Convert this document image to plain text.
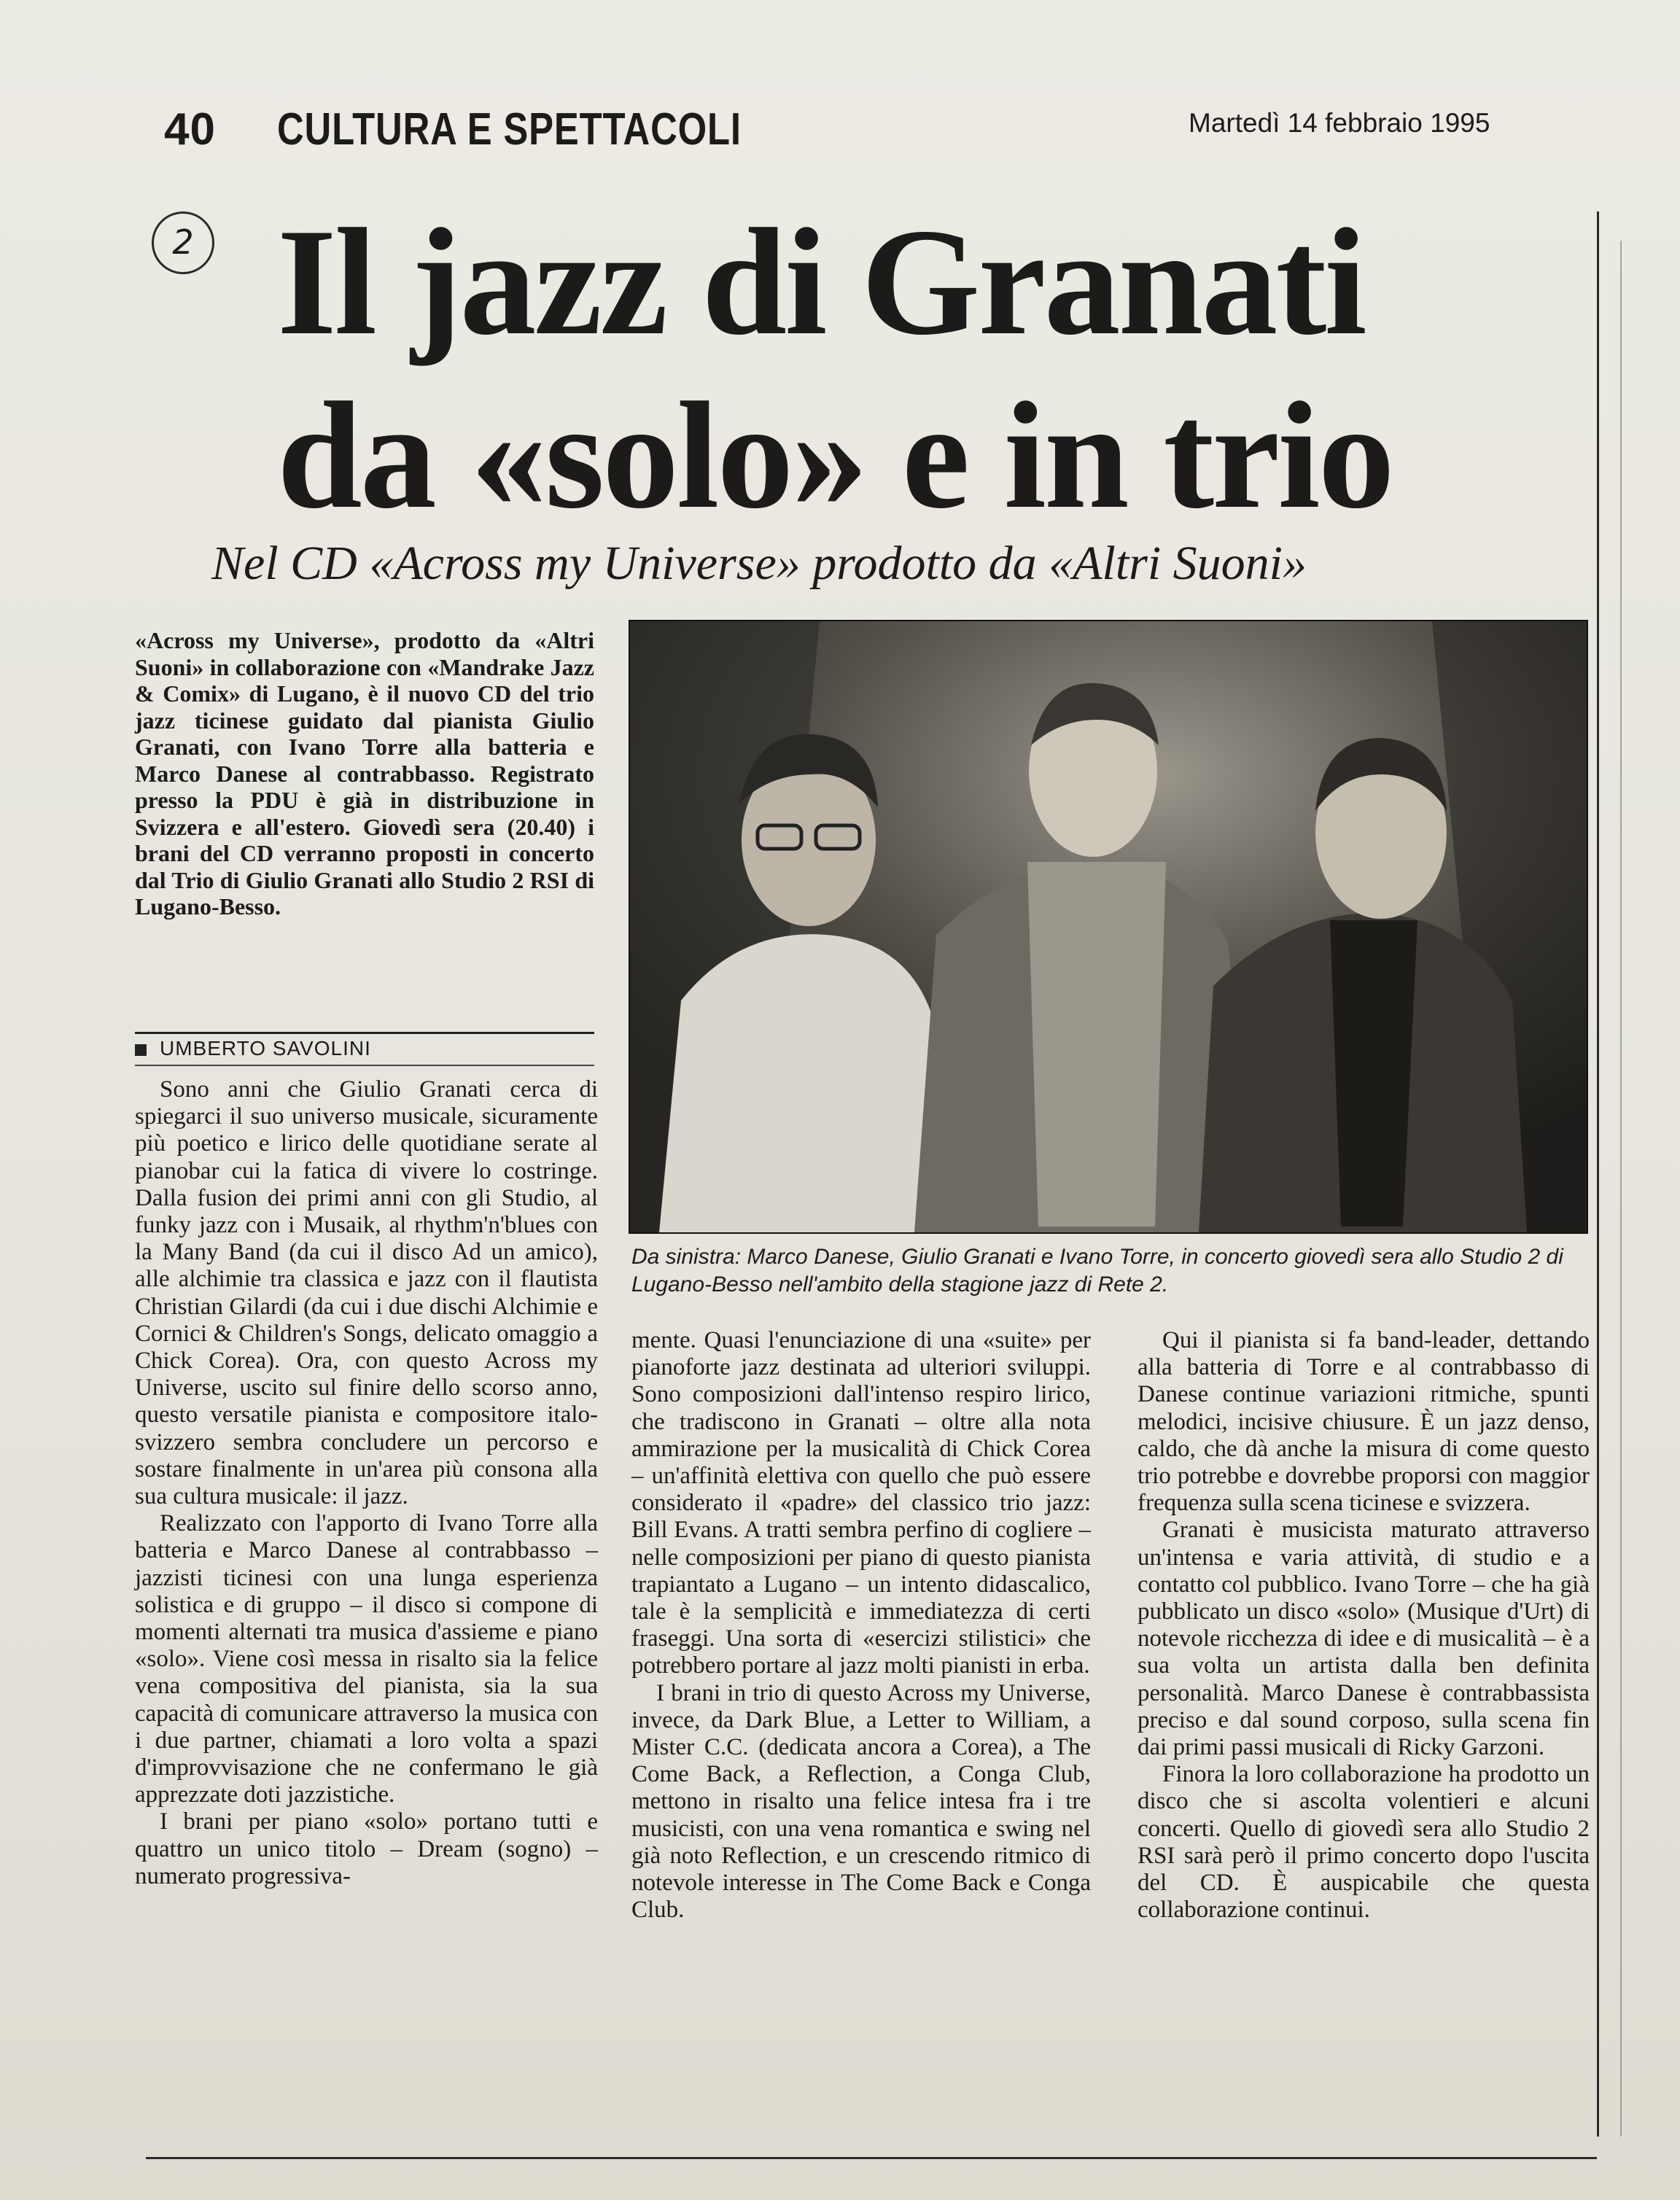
40 CULTURA E SPETTACOLI	Martedì 14 febbraio 1995
2 Il jazz di Granati
da «solo» e in trio
Nel CD «Across my Universe» prodotto da «Altri Suoni»
«Across my Universe», prodotto da «Altri Suoni» in collaborazione con «Mandrake Jazz & Comix» di Lugano, è il nuovo CD del trio jazz ticinese guidato dal pianista Giulio Granati, con Ivano Torre alla batteria e Marco Danese al contrabbasso. Registrato presso la PDU è già in distribuzione in Svizzera e all'estero. Giovedì sera (20.40) i brani del CD verranno proposti in concerto dal Trio di Giulio Granati allo Studio 2 RSI di Lugano-Besso.
UMBERTO SAVOLINI
Da sinistra: Marco Danese, Giulio Granati e Ivano Torre, in concerto giovedì sera allo Studio 2 di Lugano-Besso nell'ambito della stagione jazz di Rete 2.

Sono anni che Giulio Granati cerca di spiegarci il suo universo musicale, sicuramente più poetico e lirico delle quotidiane serate al pianobar cui la fatica di vivere lo costringe. Dalla fusion dei primi anni con gli Studio, al funky jazz con i Musaik, al rhythm'n'blues con la Many Band (da cui il disco Ad un amico), alle alchimie tra classica e jazz con il flautista Christian Gilardi (da cui i due dischi Alchimie e Cornici & Children's Songs, delicato omaggio a Chick Corea). Ora, con questo Across my Universe, uscito sul finire dello scorso anno, questo versatile pianista e compositore italo-svizzero sembra concludere un percorso e sostare finalmente in un'area più consona alla sua cultura musicale: il jazz.

Realizzato con l'apporto di Ivano Torre alla batteria e Marco Danese al contrabbasso – jazzisti ticinesi con una lunga esperienza solistica e di gruppo – il disco si compone di momenti alternati tra musica d'assieme e piano «solo». Viene così messa in risalto sia la felice vena compositiva del pianista, sia la sua capacità di comunicare attraverso la musica con i due partner, chiamati a loro volta a spazi d'improvvisazione che ne confermano le già apprezzate doti jazzistiche.

I brani per piano «solo» portano tutti e quattro un unico titolo – Dream (sogno) – numerato progressiva-

mente. Quasi l'enunciazione di una «suite» per pianoforte jazz destinata ad ulteriori sviluppi. Sono composizioni dall'intenso respiro lirico, che tradiscono in Granati – oltre alla nota ammirazione per la musicalità di Chick Corea – un'affinità elettiva con quello che può essere considerato il «padre» del classico trio jazz: Bill Evans. A tratti sembra perfino di cogliere – nelle composizioni per piano di questo pianista trapiantato a Lugano – un intento didascalico, tale è la semplicità e immediatezza di certi fraseggi. Una sorta di «esercizi stilistici» che potrebbero portare al jazz molti pianisti in erba.

I brani in trio di questo Across my Universe, invece, da Dark Blue, a Letter to William, a Mister C.C. (dedicata ancora a Corea), a The Come Back, a Reflection, a Conga Club, mettono in risalto una felice intesa fra i tre musicisti, con una vena romantica e swing nel già noto Reflection, e un crescendo ritmico di notevole interesse in The Come Back e Conga Club.

Qui il pianista si fa band-leader, dettando alla batteria di Torre e al contrabbasso di Danese continue variazioni ritmiche, spunti melodici, incisive chiusure. È un jazz denso, caldo, che dà anche la misura di come questo trio potrebbe e dovrebbe proporsi con maggior frequenza sulla scena ticinese e svizzera.

Granati è musicista maturato attraverso un'intensa e varia attività, di studio e a contatto col pubblico. Ivano Torre – che ha già pubblicato un disco «solo» (Musique d'Urt) di notevole ricchezza di idee e di musicalità – è a sua volta un artista dalla ben definita personalità. Marco Danese è contrabbassista preciso e dal sound corposo, sulla scena fin dai primi passi musicali di Ricky Garzoni.

Finora la loro collaborazione ha prodotto un disco che si ascolta volentieri e alcuni concerti. Quello di giovedì sera allo Studio 2 RSI sarà però il primo concerto dopo l'uscita del CD. È auspicabile che questa collaborazione continui.
